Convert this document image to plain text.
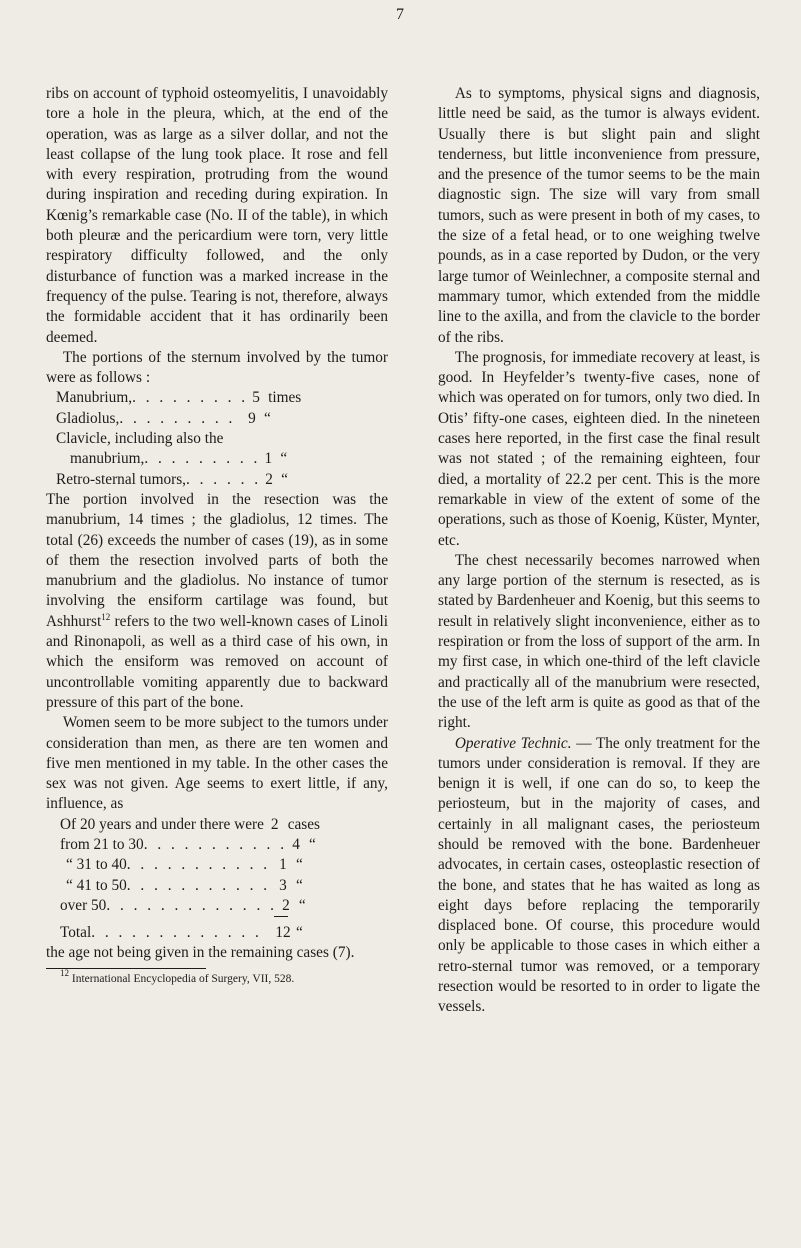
7

ribs on account of typhoid osteomyelitis, I unavoidably tore a hole in the pleura, which, at the end of the operation, was as large as a silver dollar, and not the least collapse of the lung took place. It rose and fell with every respiration, protruding from the wound during inspiration and receding during expiration. In Kœnig’s remarkable case (No. II of the table), in which both pleuræ and the pericardium were torn, very little respiratory difficulty followed, and the only disturbance of function was a marked increase in the frequency of the pulse. Tearing is not, therefore, always the formidable accident that it has ordinarily been deemed.

The portions of the sternum involved by the tumor were as follows :

Manubrium, . . . . . . . . . 5 times
Gladiolus, . . . . . . . . . 9 “
Clavicle, including also the
manubrium, . . . . . . . . . 1 “
Retro-sternal tumors, . . . . . . 2 “

The portion involved in the resection was the manubrium, 14 times ; the gladiolus, 12 times. The total (26) exceeds the number of cases (19), as in some of them the resection involved parts of both the manubrium and the gladiolus. No instance of tumor involving the ensiform cartilage was found, but Ashhurst$^{12}$ refers to the two well-known cases of Linoli and Rinonapoli, as well as a third case of his own, in which the ensiform was removed on account of uncontrollable vomiting apparently due to backward pressure of this part of the bone.

Women seem to be more subject to the tumors under consideration than men, as there are ten women and five men mentioned in my table. In the other cases the sex was not given. Age seems to exert little, if any, influence, as

Of 20 years and under there were 2 cases
from 21 to 30 . . . . . . . . . . . 4 “
“ 31 to 40 . . . . . . . . . . . 1 “
“ 41 to 50 . . . . . . . . . . . 3 “
over 50 . . . . . . . . . . . . . 2 “
Total . . . . . . . . . . . . . 12 “

the age not being given in the remaining cases (7).

$^{12}$ International Encyclopedia of Surgery, VII, 528.

As to symptoms, physical signs and diagnosis, little need be said, as the tumor is always evident. Usually there is but slight pain and slight tenderness, but little inconvenience from pressure, and the presence of the tumor seems to be the main diagnostic sign. The size will vary from small tumors, such as were present in both of my cases, to the size of a fetal head, or to one weighing twelve pounds, as in a case reported by Dudon, or the very large tumor of Weinlechner, a composite sternal and mammary tumor, which extended from the middle line to the axilla, and from the clavicle to the border of the ribs.

The prognosis, for immediate recovery at least, is good. In Heyfelder’s twenty-five cases, none of which was operated on for tumors, only two died. In Otis’ fifty-one cases, eighteen died. In the nineteen cases here reported, in the first case the final result was not stated ; of the remaining eighteen, four died, a mortality of 22.2 per cent. This is the more remarkable in view of the extent of some of the operations, such as those of Koenig, Küster, Mynter, etc.

The chest necessarily becomes narrowed when any large portion of the sternum is resected, as is stated by Bardenheuer and Koenig, but this seems to result in relatively slight inconvenience, either as to respiration or from the loss of support of the arm. In my first case, in which one-third of the left clavicle and practically all of the manubrium were resected, the use of the left arm is quite as good as that of the right.

Operative Technic. — The only treatment for the tumors under consideration is removal. If they are benign it is well, if one can do so, to keep the periosteum, but in the majority of cases, and certainly in all malignant cases, the periosteum should be removed with the bone. Bardenheuer advocates, in certain cases, osteoplastic resection of the bone, and states that he has waited as long as eight days before replacing the temporarily displaced bone. Of course, this procedure would only be applicable to those cases in which either a retro-sternal tumor was removed, or a temporary resection would be resorted to in order to ligate the vessels.
